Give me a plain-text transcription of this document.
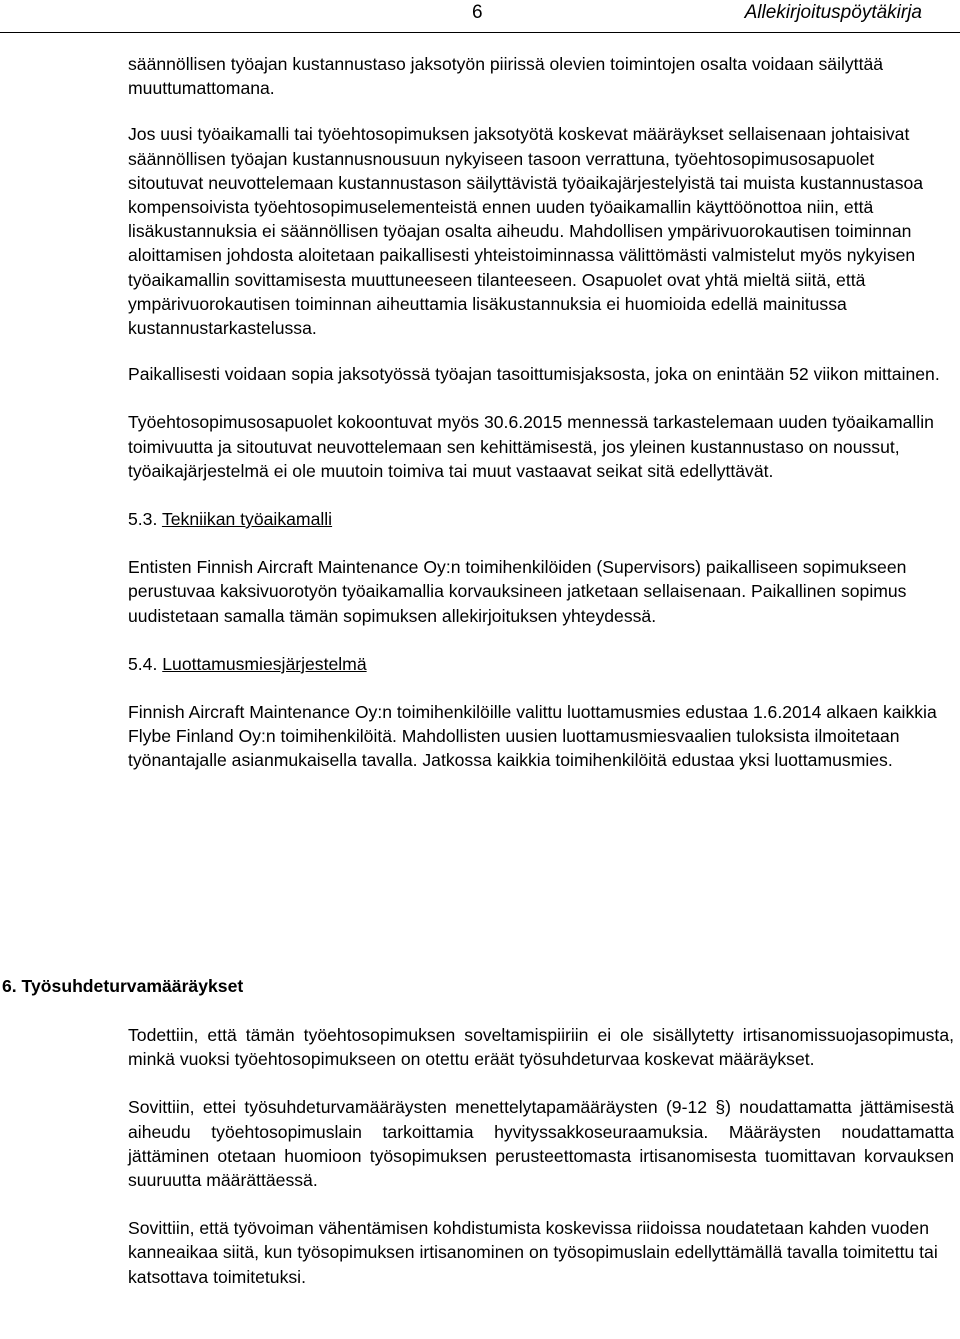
6	Allekirjoituspöytäkirja

säännöllisen työajan kustannustaso jaksotyön piirissä olevien toimintojen osalta voidaan säilyttää muuttumattomana.

Jos uusi työaikamalli tai työehtosopimuksen jaksotyötä koskevat määräykset sellaisenaan johtaisivat säännöllisen työajan kustannusnousuun nykyiseen tasoon verrattuna, työehtosopimusosapuolet sitoutuvat neuvottelemaan kustannustason säilyttävistä työaikajärjestelyistä tai muista kustannustasoa kompensoivista työehtosopimuselementeistä ennen uuden työaikamallin käyttöönottoa niin, että lisäkustannuksia ei säännöllisen työajan osalta aiheudu. Mahdollisen ympärivuorokautisen toiminnan aloittamisen johdosta aloitetaan paikallisesti yhteistoiminnassa välittömästi valmistelut myös nykyisen työaikamallin sovittamisesta muuttuneeseen tilanteeseen. Osapuolet ovat yhtä mieltä siitä, että ympärivuorokautisen toiminnan aiheuttamia lisäkustannuksia ei huomioida edellä mainitussa kustannustarkastelussa.

Paikallisesti voidaan sopia jaksotyössä työajan tasoittumisjaksosta, joka on enintään 52 viikon mittainen.

Työehtosopimusosapuolet kokoontuvat myös 30.6.2015 mennessä tarkastelemaan uuden työaikamallin toimivuutta ja sitoutuvat neuvottelemaan sen kehittämisestä, jos yleinen kustannustaso on noussut, työaikajärjestelmä ei ole muutoin toimiva tai muut vastaavat seikat sitä edellyttävät.

5.3. Tekniikan työaikamalli

Entisten Finnish Aircraft Maintenance Oy:n toimihenkilöiden (Supervisors) paikalliseen sopimukseen perustuvaa kaksivuorotyön työaikamallia korvauksineen jatketaan sellaisenaan. Paikallinen sopimus uudistetaan samalla tämän sopimuksen allekirjoituksen yhteydessä.

5.4. Luottamusmiesjärjestelmä

Finnish Aircraft Maintenance Oy:n toimihenkilöille valittu luottamusmies edustaa 1.6.2014 alkaen kaikkia Flybe Finland Oy:n toimihenkilöitä. Mahdollisten uusien luottamusmiesvaalien tuloksista ilmoitetaan työnantajalle asianmukaisella tavalla. Jatkossa kaikkia toimihenkilöitä edustaa yksi luottamusmies.

6. Työsuhdeturvamääräykset

Todettiin, että tämän työehtosopimuksen soveltamispiiriin ei ole sisällytetty irtisanomissuojasopimusta, minkä vuoksi työehtosopimukseen on otettu eräät työsuhdeturvaa koskevat määräykset.

Sovittiin, ettei työsuhdeturvamääräysten menettelytapamääräysten (9-12 §) noudattamatta jättämisestä aiheudu työehtosopimuslain tarkoittamia hyvityssakkoseuraamuksia. Määräysten noudattamatta jättäminen otetaan huomioon työsopimuksen perusteettomasta irtisanomisesta tuomittavan korvauksen suuruutta määrättäessä.

Sovittiin, että työvoiman vähentämisen kohdistumista koskevissa riidoissa noudatetaan kahden vuoden kanneaikaa siitä, kun työsopimuksen irtisanominen on työsopimuslain edellyttämällä tavalla toimitettu tai katsottava toimitetuksi.
